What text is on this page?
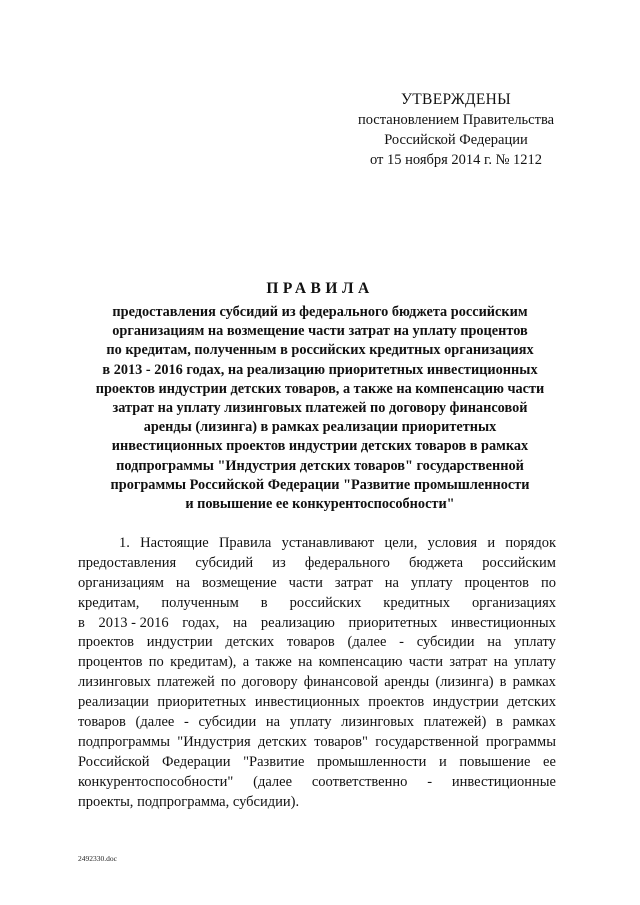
УТВЕРЖДЕНЫ
постановлением Правительства
Российской Федерации
от 15 ноября 2014 г. № 1212
ПРАВИЛА
предоставления субсидий из федерального бюджета российским
организациям на возмещение части затрат на уплату процентов
по кредитам, полученным в российских кредитных организациях
в 2013 - 2016 годах, на реализацию приоритетных инвестиционных
проектов индустрии детских товаров, а также на компенсацию части
затрат на уплату лизинговых платежей по договору финансовой
аренды (лизинга) в рамках реализации приоритетных
инвестиционных проектов индустрии детских товаров в рамках
подпрограммы "Индустрия детских товаров" государственной
программы Российской Федерации "Развитие промышленности
и повышение ее конкурентоспособности"
1. Настоящие Правила устанавливают цели, условия и порядок
предоставления субсидий из федерального бюджета российским
организациям на возмещение части затрат на уплату процентов по
кредитам, полученным в российских кредитных организациях
в 2013 - 2016 годах, на реализацию приоритетных инвестиционных
проектов индустрии детских товаров (далее - субсидии на уплату
процентов по кредитам), а также на компенсацию части затрат на уплату
лизинговых платежей по договору финансовой аренды (лизинга) в рамках
реализации приоритетных инвестиционных проектов индустрии детских
товаров (далее - субсидии на уплату лизинговых платежей) в рамках
подпрограммы "Индустрия детских товаров" государственной программы
Российской Федерации "Развитие промышленности и повышение ее
конкурентоспособности" (далее соответственно - инвестиционные
проекты, подпрограмма, субсидии).
2492330.doc
